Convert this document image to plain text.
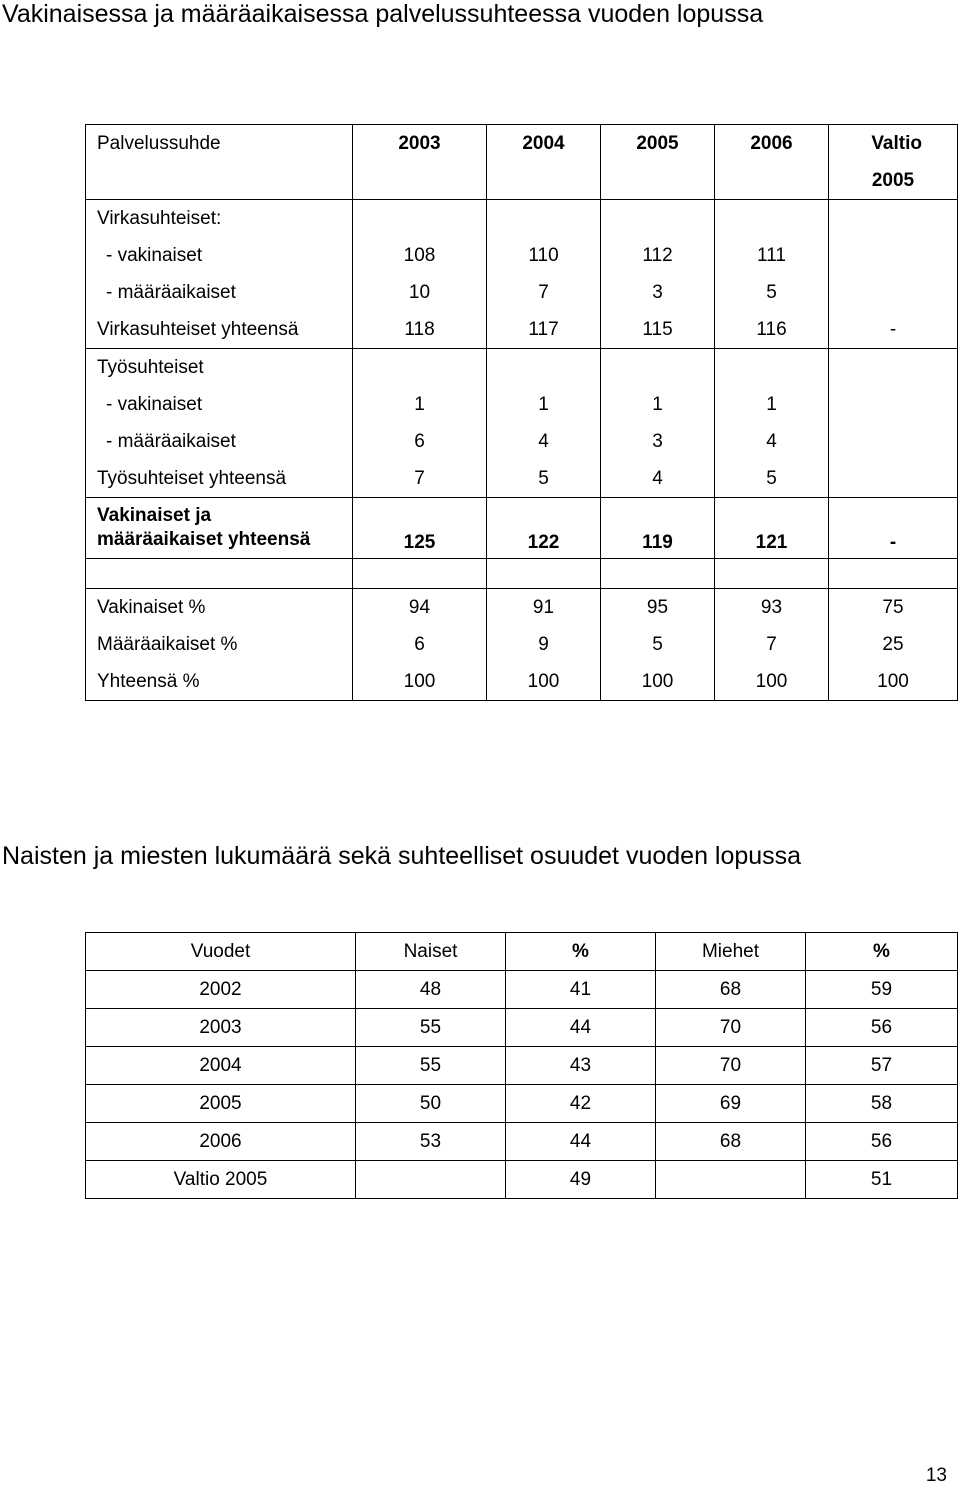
Vakinaisessa ja määräaikaisessa palvelussuhteessa vuoden lopussa
Palvelussuhde	2003	2004	2005	2006	Valtio
					2005
Virkasuhteiset:					
- vakinaiset	108	110	112	111	
- määräaikaiset	10	7	3	5	
Virkasuhteiset yhteensä	118	117	115	116	-
Työsuhteiset					
- vakinaiset	1	1	1	1	
- määräaikaiset	6	4	3	4	
Työsuhteiset yhteensä	7	5	4	5	
Vakinaiset ja
määräaikaiset yhteensä	125	122	119	121	-

Vakinaiset %	94	91	95	93	75
Määräaikaiset %	6	9	5	7	25
Yhteensä %	100	100	100	100	100
Naisten ja miesten lukumäärä sekä suhteelliset osuudet vuoden lopussa
Vuodet	Naiset	%	Miehet	%
2002	48	41	68	59
2003	55	44	70	56
2004	55	43	70	57
2005	50	42	69	58
2006	53	44	68	56
Valtio 2005		49		51
13
